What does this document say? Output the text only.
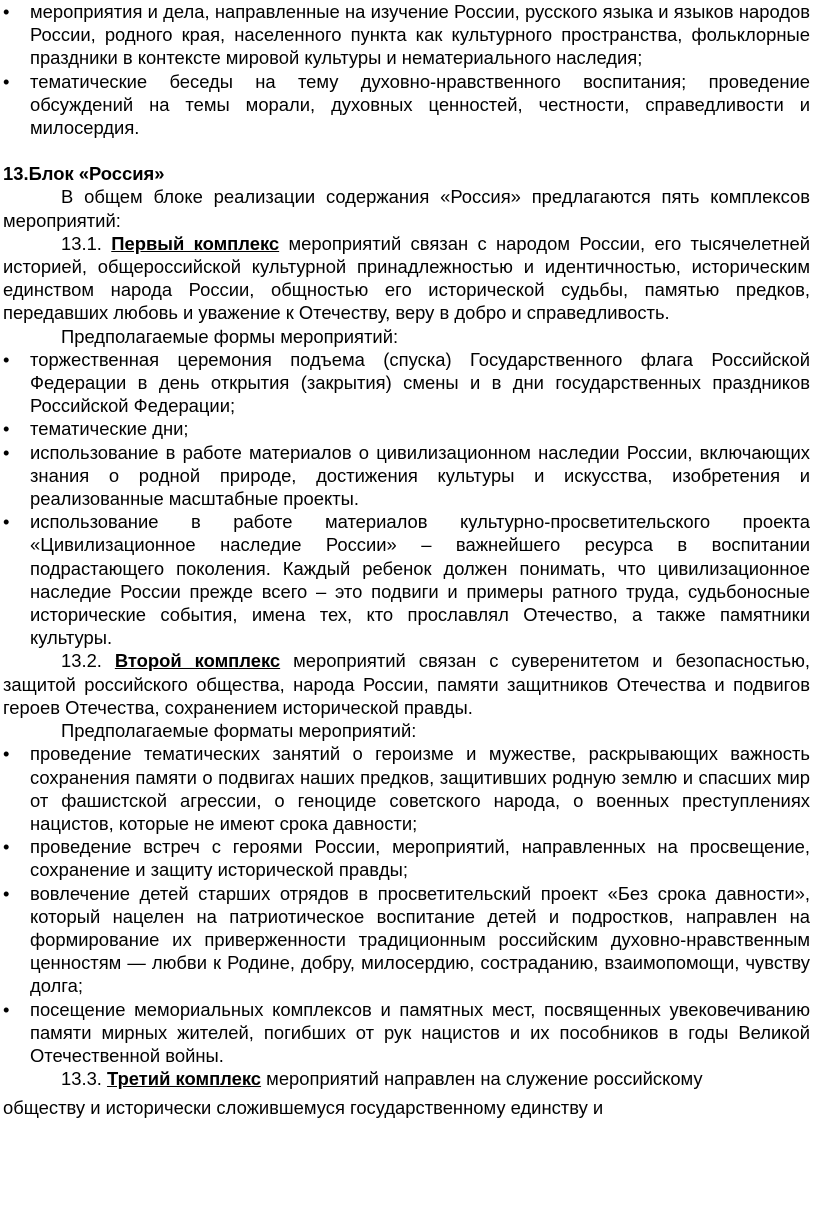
•	мероприятия и дела, направленные на изучение России, русского языка и языков народов России, родного края, населенного пункта как культурного пространства, фольклорные праздники в контексте мировой культуры и нематериального наследия;
•	тематические беседы на тему духовно-нравственного воспитания; проведение обсуждений на темы морали, духовных ценностей, честности, справедливости и милосердия.

13.Блок «Россия»

В общем блоке реализации содержания «Россия» предлагаются пять комплексов мероприятий:

13.1. Первый комплекс мероприятий связан с народом России, его тысячелетней историей, общероссийской культурной принадлежностью и идентичностью, историческим единством народа России, общностью его исторической судьбы, памятью предков, передавших любовь и уважение к Отечеству, веру в добро и справедливость.

Предполагаемые формы мероприятий:

•	торжественная церемония подъема (спуска) Государственного флага Российской Федерации в день открытия (закрытия) смены и в дни государственных праздников Российской Федерации;
•	тематические дни;
•	использование в работе материалов о цивилизационном наследии России, включающих знания о родной природе, достижения культуры и искусства, изобретения и реализованные масштабные проекты.
•	использование в работе материалов культурно-просветительского проекта «Цивилизационное наследие России» – важнейшего ресурса в воспитании подрастающего поколения. Каждый ребенок должен понимать, что цивилизационное наследие России прежде всего – это подвиги и примеры ратного труда, судьбоносные исторические события, имена тех, кто прославлял Отечество, а также памятники культуры.

13.2. Второй комплекс мероприятий связан с суверенитетом и безопасностью, защитой российского общества, народа России, памяти защитников Отечества и подвигов героев Отечества, сохранением исторической правды.

Предполагаемые форматы мероприятий:

•	проведение тематических занятий о героизме и мужестве, раскрывающих важность сохранения памяти о подвигах наших предков, защитивших родную землю и спасших мир от фашистской агрессии, о геноциде советского народа, о военных преступлениях нацистов, которые не имеют срока давности;
•	проведение встреч с героями России, мероприятий, направленных на просвещение, сохранение и защиту исторической правды;
•	вовлечение детей старших отрядов в просветительский проект «Без срока давности», который нацелен на патриотическое воспитание детей и подростков, направлен на формирование их приверженности традиционным российским духовно-нравственным ценностям — любви к Родине, добру, милосердию, состраданию, взаимопомощи, чувству долга;
•	посещение мемориальных комплексов и памятных мест, посвященных увековечиванию памяти мирных жителей, погибших от рук нацистов и их пособников в годы Великой Отечественной войны.

13.3. Третий комплекс мероприятий направлен на служение российскому

обществу и исторически сложившемуся государственному единству и
